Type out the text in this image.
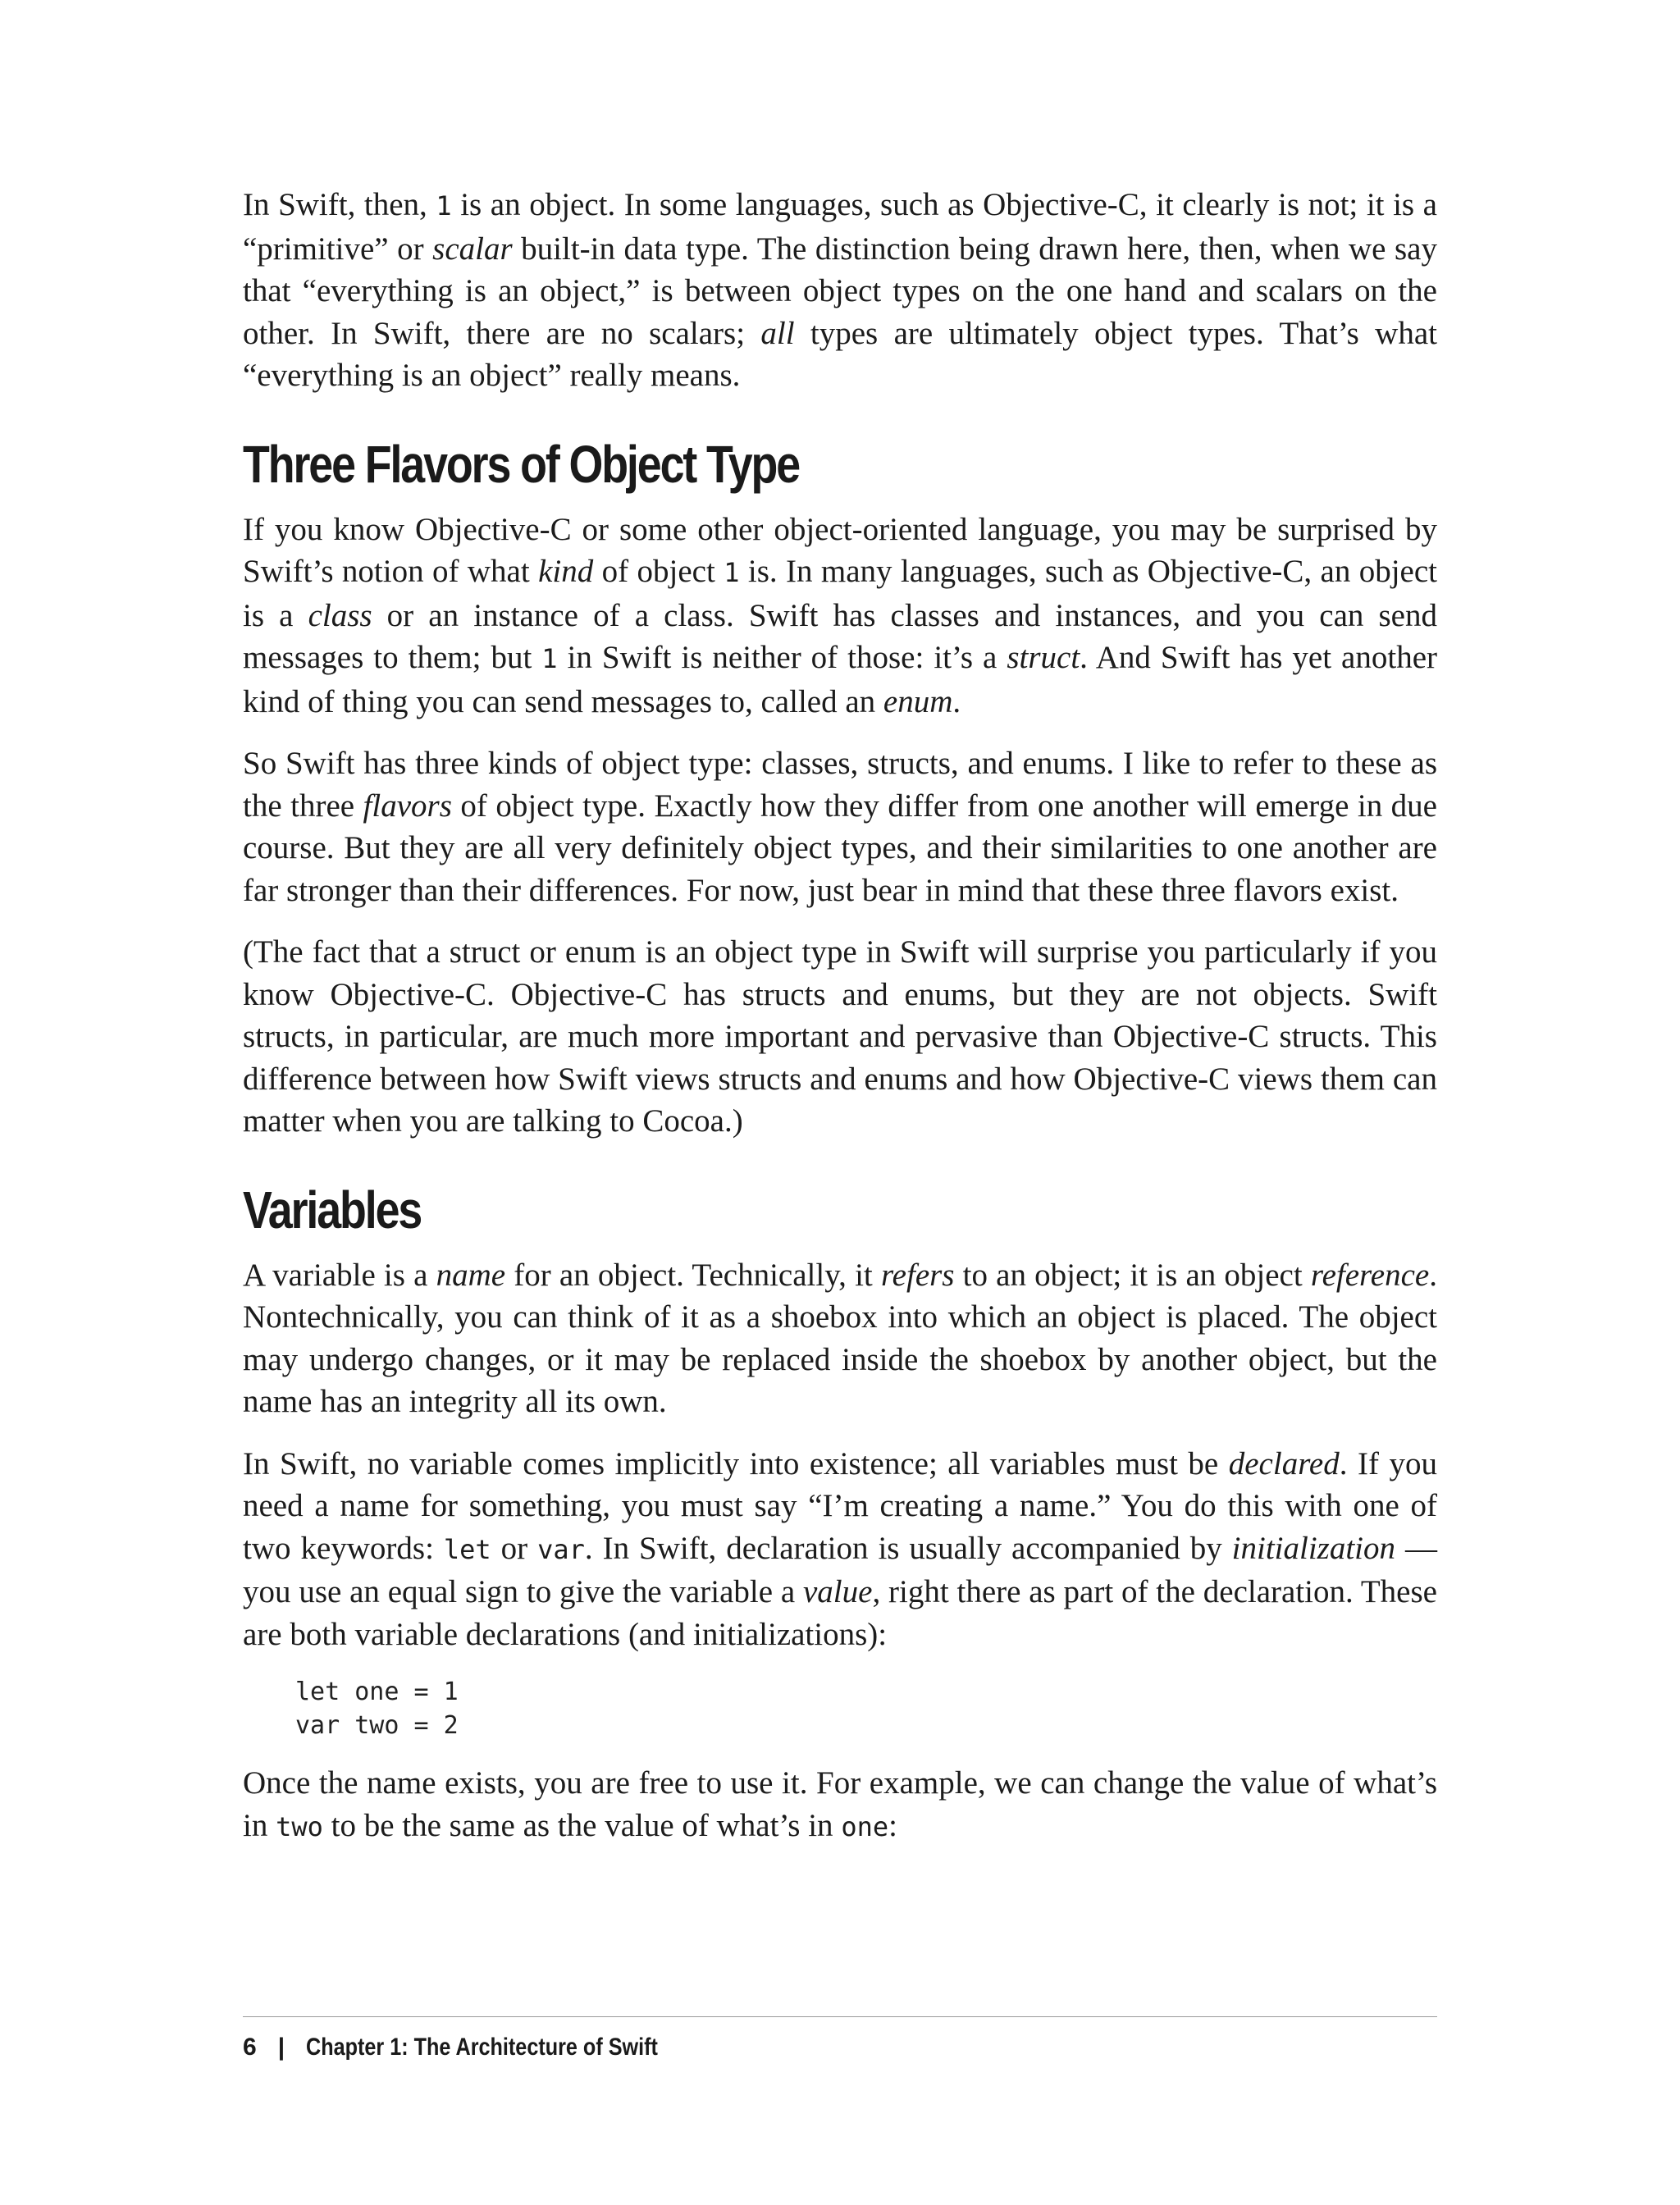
In Swift, then, 1 is an object. In some languages, such as Objective-C, it clearly is not; it is a “primitive” or scalar built-in data type. The distinction being drawn here, then, when we say that “everything is an object,” is between object types on the one hand and scalars on the other. In Swift, there are no scalars; all types are ultimately object types. That’s what “everything is an object” really means.

Three Flavors of Object Type

If you know Objective-C or some other object-oriented language, you may be surprised by Swift’s notion of what kind of object 1 is. In many languages, such as Objective-C, an object is a class or an instance of a class. Swift has classes and instances, and you can send messages to them; but 1 in Swift is neither of those: it’s a struct. And Swift has yet another kind of thing you can send messages to, called an enum.

So Swift has three kinds of object type: classes, structs, and enums. I like to refer to these as the three flavors of object type. Exactly how they differ from one another will emerge in due course. But they are all very definitely object types, and their similarities to one another are far stronger than their differences. For now, just bear in mind that these three flavors exist.

(The fact that a struct or enum is an object type in Swift will surprise you particularly if you know Objective-C. Objective-C has structs and enums, but they are not objects. Swift structs, in particular, are much more important and pervasive than Objective-C structs. This difference between how Swift views structs and enums and how Objective-C views them can matter when you are talking to Cocoa.)

Variables

A variable is a name for an object. Technically, it refers to an object; it is an object reference. Nontechnically, you can think of it as a shoebox into which an object is placed. The object may undergo changes, or it may be replaced inside the shoebox by another object, but the name has an integrity all its own.

In Swift, no variable comes implicitly into existence; all variables must be declared. If you need a name for something, you must say “I’m creating a name.” You do this with one of two keywords: let or var. In Swift, declaration is usually accompanied by initialization — you use an equal sign to give the variable a value, right there as part of the declaration. These are both variable declarations (and initializations):

let one = 1
var two = 2

Once the name exists, you are free to use it. For example, we can change the value of what’s in two to be the same as the value of what’s in one:

6 | Chapter 1: The Architecture of Swift
